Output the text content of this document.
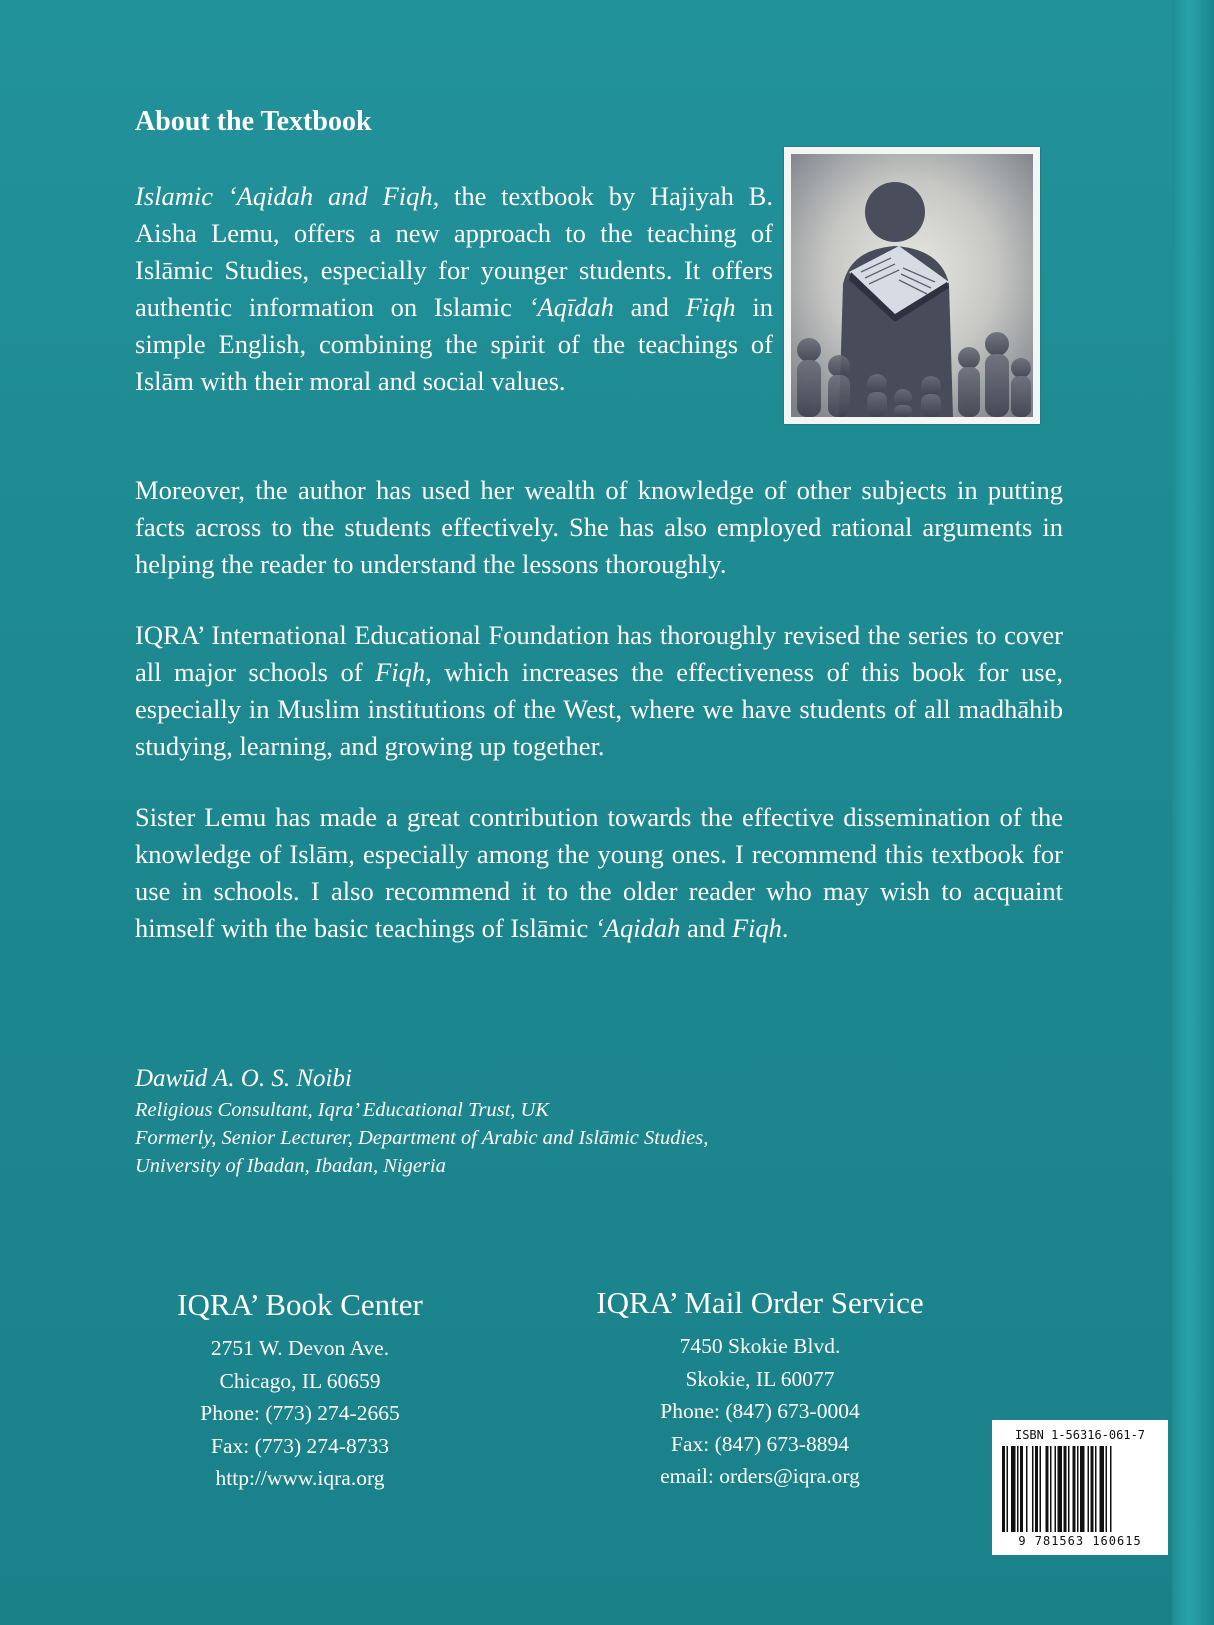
About the Textbook

Islamic ‘Aqidah and Fiqh, the textbook by Hajiyah B. Aisha Lemu, offers a new approach to the teaching of Islāmic Studies, especially for younger students. It offers authentic information on Islamic ‘Aqīdah and Fiqh in simple English, combining the spirit of the teachings of Islām with their moral and social values.

Moreover, the author has used her wealth of knowledge of other subjects in putting facts across to the students effectively. She has also employed rational arguments in helping the reader to understand the lessons thoroughly.

IQRA’ International Educational Foundation has thoroughly revised the series to cover all major schools of Fiqh, which increases the effectiveness of this book for use, especially in Muslim institutions of the West, where we have students of all madhāhib studying, learning, and growing up together.

Sister Lemu has made a great contribution towards the effective dissemination of the knowledge of Islām, especially among the young ones. I recommend this textbook for use in schools. I also recommend it to the older reader who may wish to acquaint himself with the basic teachings of Islāmic ‘Aqidah and Fiqh.

Dawūd A. O. S. Noibi
Religious Consultant, Iqra’ Educational Trust, UK
Formerly, Senior Lecturer, Department of Arabic and Islāmic Studies,
University of Ibadan, Ibadan, Nigeria
IQRA’ Book Center
2751 W. Devon Ave.
Chicago, IL 60659
Phone: (773) 274-2665
Fax: (773) 274-8733
http://www.iqra.org
IQRA’ Mail Order Service
7450 Skokie Blvd.
Skokie, IL 60077
Phone: (847) 673-0004
Fax: (847) 673-8894
email: orders@iqra.org
ISBN 1-56316-061-7
9 781563 160615
